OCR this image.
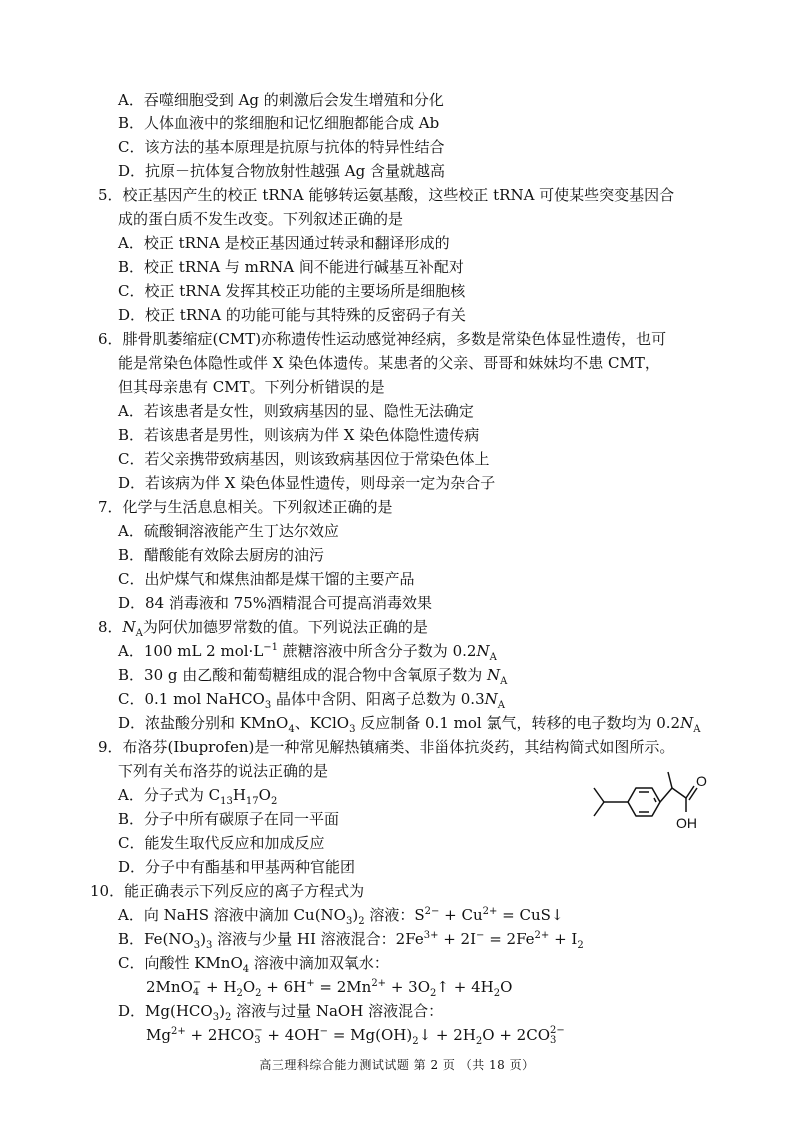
A．吞噬细胞受到 Ag 的刺激后会发生增殖和分化
B．人体血液中的浆细胞和记忆细胞都能合成 Ab
C．该方法的基本原理是抗原与抗体的特异性结合
D．抗原－抗体复合物放射性越强 Ag 含量就越高
5．校正基因产生的校正 tRNA 能够转运氨基酸，这些校正 tRNA 可使某些突变基因合
成的蛋白质不发生改变。下列叙述正确的是
A．校正 tRNA 是校正基因通过转录和翻译形成的
B．校正 tRNA 与 mRNA 间不能进行碱基互补配对
C．校正 tRNA 发挥其校正功能的主要场所是细胞核
D．校正 tRNA 的功能可能与其特殊的反密码子有关
6．腓骨肌萎缩症(CMT)亦称遗传性运动感觉神经病，多数是常染色体显性遗传，也可
能是常染色体隐性或伴 X 染色体遗传。某患者的父亲、哥哥和妹妹均不患 CMT，
但其母亲患有 CMT。下列分析错误的是
A．若该患者是女性，则致病基因的显、隐性无法确定
B．若该患者是男性，则该病为伴 X 染色体隐性遗传病
C．若父亲携带致病基因，则该致病基因位于常染色体上
D．若该病为伴 X 染色体显性遗传，则母亲一定为杂合子
7．化学与生活息息相关。下列叙述正确的是
A．硫酸铜溶液能产生丁达尔效应
B．醋酸能有效除去厨房的油污
C．出炉煤气和煤焦油都是煤干馏的主要产品
D．84 消毒液和 75%酒精混合可提高消毒效果
8．$N_A$为阿伏加德罗常数的值。下列说法正确的是
A．100 mL 2 $mol\cdot L^{-1}$ 蔗糖溶液中所含分子数为 $0.2N_A$
B．30 g 由乙酸和葡萄糖组成的混合物中含氧原子数为 $N_A$
C．0.1 mol NaHCO$_3$ 晶体中含阴、阳离子总数为 $0.3N_A$
D．浓盐酸分别和 KMnO$_4$、KClO$_3$ 反应制备 0.1 mol 氯气，转移的电子数均为 $0.2N_A$
9．布洛芬(Ibuprofen)是一种常见解热镇痛类、非甾体抗炎药，其结构简式如图所示。
下列有关布洛芬的说法正确的是
A．分子式为 $C_{13}H_{17}O_2$
B．分子中所有碳原子在同一平面
C．能发生取代反应和加成反应
D．分子中有酯基和甲基两种官能团
O
OH
10．能正确表示下列反应的离子方程式为
A．向 NaHS 溶液中滴加 $Cu(NO_3)_2$ 溶液：$S^{2-} + Cu^{2+}$ = CuS↓
B．$Fe(NO_3)_3$ 溶液与少量 HI 溶液混合：$2Fe^{3+} + 2I^- = 2Fe^{2+} + I_2$
C．向酸性 KMnO$_4$ 溶液中滴加双氧水：
2MnO −
$4 + H_2O_2 + 6H^+ = 2Mn^{2+}$ + $3O_2↑ + 4H_2O$
D．$Mg(HCO_3)_2$ 溶液与过量 NaOH 溶液混合：
$Mg^{2+} + 2HCO$ −
$3 + 4OH^- = Mg(OH)_2↓ + 2H_2O + 2CO$ 2−
3
高三理科综合能力测试试题 第 2 页 （共 18 页）
